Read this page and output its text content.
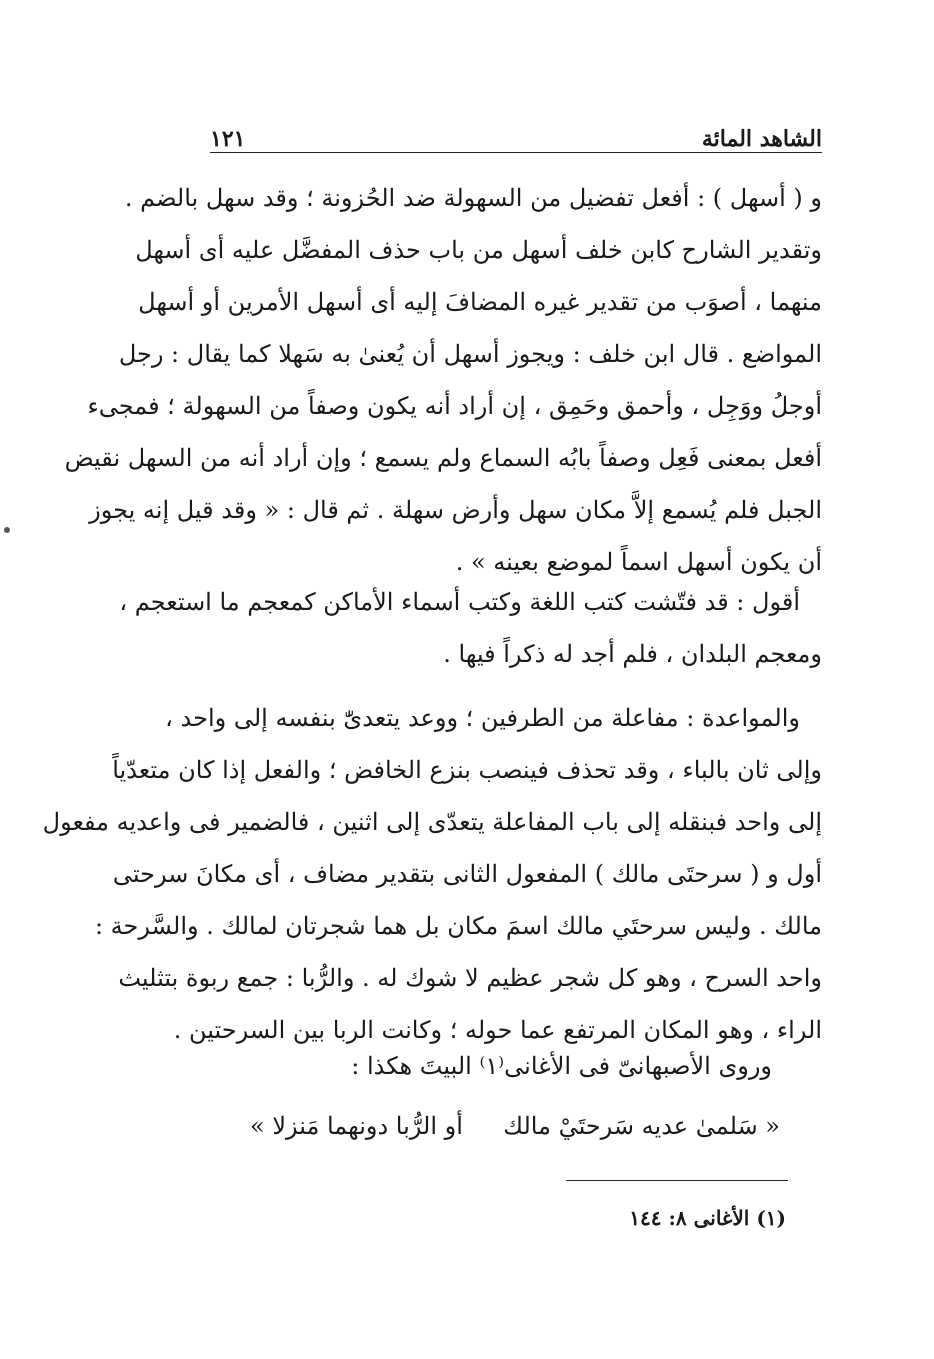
الشاهد المائة
١٢١
و ( أسهل ) : أفعل تفضيل من السهولة ضد الحُزونة ؛ وقد سهل بالضم .
وتقدير الشارح كابن خلف أسهل من باب حذف المفضَّل عليه أى أسهل
منهما ، أصوَب من تقدير غيره المضافَ إليه أى أسهل الأمرين أو أسهل
المواضع . قال ابن خلف : ويجوز أسهل أن يُعنىٰ به سَهلا كما يقال : رجل
أوجلُ ووَجِل ، وأحمق وحَمِق ، إن أراد أنه يكون وصفاً من السهولة ؛ فمجىء
أفعل بمعنى فَعِل وصفاً بابُه السماع ولم يسمع ؛ وإن أراد أنه من السهل نقيض
الجبل فلم يُسمع إلاَّ مكان سهل وأرض سهلة . ثم قال : « وقد قيل إنه يجوز
أن يكون أسهل اسماً لموضع بعينه » .
أقول : قد فتّشت كتب اللغة وكتب أسماء الأماكن كمعجم ما استعجم ،
ومعجم البلدان ، فلم أجد له ذكراً فيها .
والمواعدة : مفاعلة من الطرفين ؛ ووعد يتعدىّٰ بنفسه إلى واحد ،
وإلى ثان بالباء ، وقد تحذف فينصب بنزع الخافض ؛ والفعل إذا كان متعدّياً
إلى واحد فبنقله إلى باب المفاعلة يتعدّى إلى اثنين ، فالضمير فى واعديه مفعول
أول و ( سرحتَى مالك ) المفعول الثانى بتقدير مضاف ، أى مكانَ سرحتى
مالك . وليس سرحتَي مالك اسمَ مكان بل هما شجرتان لمالك . والسَّرحة :
واحد السرح ، وهو كل شجر عظيم لا شوك له . والرُّبا : جمع ربوة بتثليث
الراء ، وهو المكان المرتفع عما حوله ؛ وكانت الربا بين السرحتين .
وروى الأصبهانىّ فى الأغانى⁽١⁾ البيتَ هكذا :
« سَلمىٰ عديه سَرحتَيْ مالك
أو الرُّبا دونهما مَنزلا »
(١) الأغانى ٨: ١٤٤
